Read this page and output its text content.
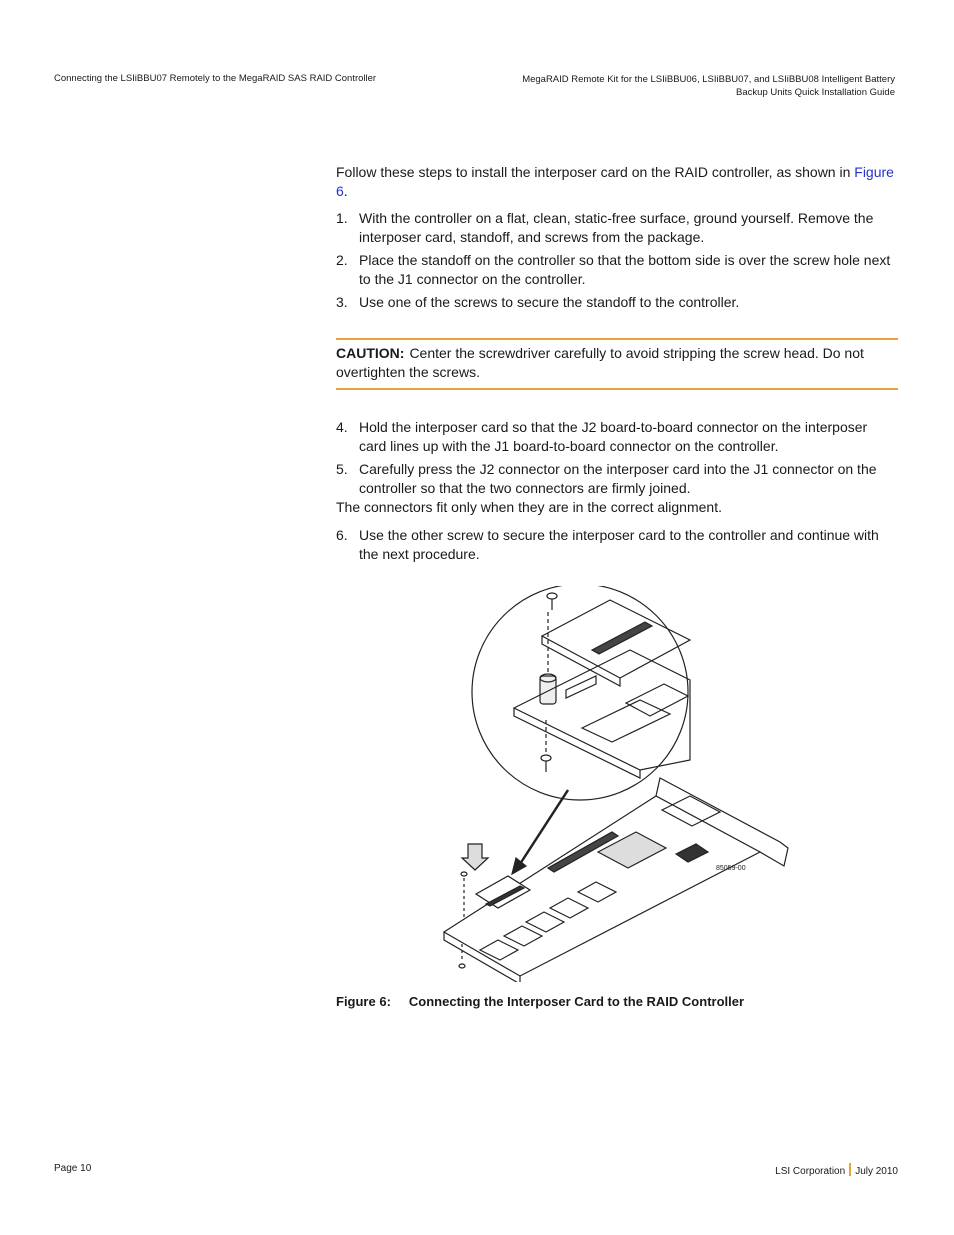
Connecting the LSIiBBU07 Remotely to the MegaRAID SAS RAID Controller	MegaRAID Remote Kit for the LSIiBBU06, LSIiBBU07, and LSIiBBU08 Intelligent Battery
Backup Units Quick Installation Guide

Follow these steps to install the interposer card on the RAID controller, as shown in Figure 6.

1. With the controller on a flat, clean, static-free surface, ground yourself. Remove the interposer card, standoff, and screws from the package.
2. Place the standoff on the controller so that the bottom side is over the screw hole next to the J1 connector on the controller.
3. Use one of the screws to secure the standoff to the controller.
CAUTION: Center the screwdriver carefully to avoid stripping the screw head. Do not overtighten the screws.
4. Hold the interposer card so that the J2 board-to-board connector on the interposer card lines up with the J1 board-to-board connector on the controller.
5. Carefully press the J2 connector on the interposer card into the J1 connector on the controller so that the two connectors are firmly joined.

The connectors fit only when they are in the correct alignment.

6. Use the other screw to secure the interposer card to the controller and continue with the next procedure.
85059-00
Figure 6: Connecting the Interposer Card to the RAID Controller
Page 10	LSI Corporation July 2010
